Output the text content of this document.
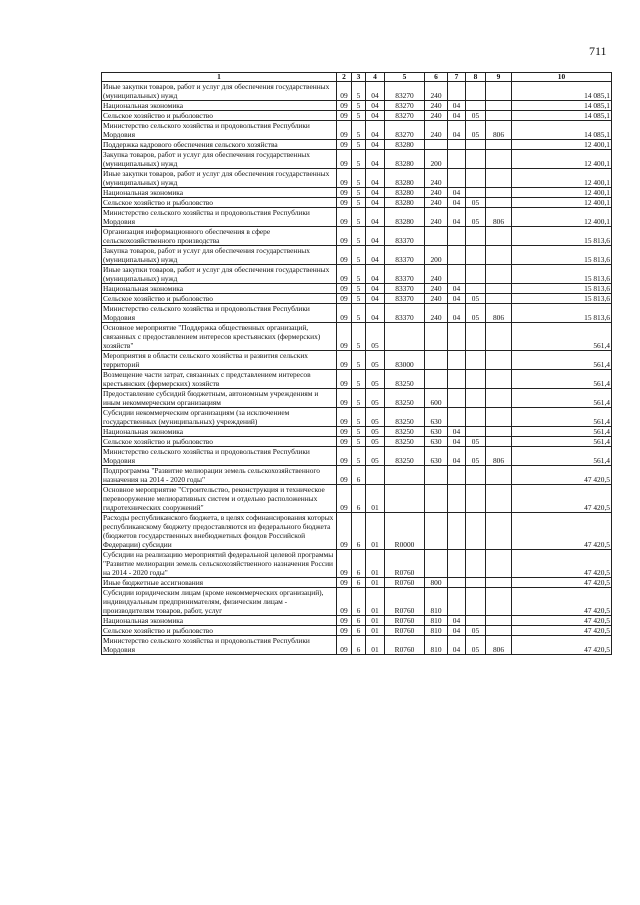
711
1	2	3	4	5	6	7	8	9	10
Иные закупки товаров, работ и услуг для обеспечения государственных (муниципальных) нужд	09	5	04	83270	240				14 085,1
Национальная экономика	09	5	04	83270	240	04			14 085,1
Сельское хозяйство и рыболовство	09	5	04	83270	240	04	05		14 085,1
Министерство сельского хозяйства и продовольствия Республики Мордовия	09	5	04	83270	240	04	05	806	14 085,1
Поддержка кадрового обеспечения сельского хозяйства	09	5	04	83280					12 400,1
Закупка товаров, работ и услуг для обеспечения государственных (муниципальных) нужд	09	5	04	83280	200				12 400,1
Иные закупки товаров, работ и услуг для обеспечения государственных (муниципальных) нужд	09	5	04	83280	240				12 400,1
Национальная экономика	09	5	04	83280	240	04			12 400,1
Сельское хозяйство и рыболовство	09	5	04	83280	240	04	05		12 400,1
Министерство сельского хозяйства и продовольствия Республики Мордовия	09	5	04	83280	240	04	05	806	12 400,1
Организация информационного обеспечения в сфере сельскохозяйственного производства	09	5	04	83370					15 813,6
Закупка товаров, работ и услуг для обеспечения государственных (муниципальных) нужд	09	5	04	83370	200				15 813,6
Иные закупки товаров, работ и услуг для обеспечения государственных (муниципальных) нужд	09	5	04	83370	240				15 813,6
Национальная экономика	09	5	04	83370	240	04			15 813,6
Сельское хозяйство и рыболовство	09	5	04	83370	240	04	05		15 813,6
Министерство сельского хозяйства и продовольствия Республики Мордовия	09	5	04	83370	240	04	05	806	15 813,6
Основное мероприятие "Поддержка общественных организаций, связанных с предоставлением интересов крестьянских (фермерских) хозяйств"	09	5	05						561,4
Мероприятия в области сельского хозяйства и развития сельских территорий	09	5	05	83000					561,4
Возмещение части затрат, связанных с представлением интересов крестьянских (фермерских) хозяйств	09	5	05	83250					561,4
Предоставление субсидий бюджетным, автономным учреждениям и иным некоммерческим организациям	09	5	05	83250	600				561,4
Субсидии некоммерческим организациям (за исключением государственных (муниципальных) учреждений)	09	5	05	83250	630				561,4
Национальная экономика	09	5	05	83250	630	04			561,4
Сельское хозяйство и рыболовство	09	5	05	83250	630	04	05		561,4
Министерство сельского хозяйства и продовольствия Республики Мордовия	09	5	05	83250	630	04	05	806	561,4
Подпрограмма "Развитие мелиорации земель сельскохозяйственного назначения на 2014 - 2020 годы"	09	6							47 420,5
Основное мероприятие "Строительство, реконструкция и техническое перевооружение мелиоративных систем и отдельно расположенных гидротехнических сооружений"	09	6	01						47 420,5
Расходы республиканского бюджета, в целях софинансирования которых республиканскому бюджету предоставляются из федерального бюджета (бюджетов государственных внебюджетных фондов Российской Федерации) субсидии	09	6	01	R0000					47 420,5
Субсидии на реализацию мероприятий федеральной целевой программы "Развитие мелиорации земель сельскохозяйственного назначения России на 2014 - 2020 годы"	09	6	01	R0760					47 420,5
Иные бюджетные ассигнования	09	6	01	R0760	800				47 420,5
Субсидии юридическим лицам (кроме некоммерческих организаций), индивидуальным предпринимателям, физическим лицам - производителям товаров, работ, услуг	09	6	01	R0760	810				47 420,5
Национальная экономика	09	6	01	R0760	810	04			47 420,5
Сельское хозяйство и рыболовство	09	6	01	R0760	810	04	05		47 420,5
Министерство сельского хозяйства и продовольствия Республики Мордовия	09	6	01	R0760	810	04	05	806	47 420,5
